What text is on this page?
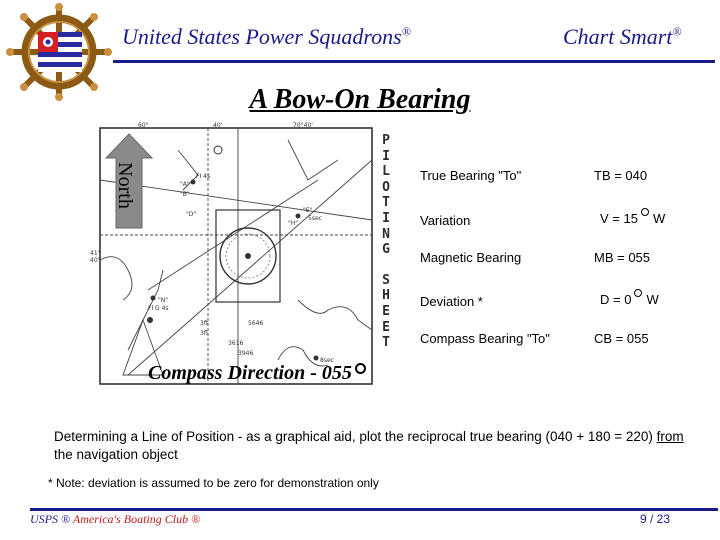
United States Power Squadrons®	Chart Smart®
A Bow-On Bearing
60°	40'	70°40'
41°
40'
"A"
"B"
"D"
"E"
"H"
"N"
FI 4s
5sec
Fl G 4s
8sec
3ft
3fl
3616
3946
5646
North
P
I
L
O
T
I
N
G
S
H
E
E
T
True Bearing "To"	TB = 040
Variation	V = 15 W
Magnetic Bearing	MB = 055
Deviation *	D = 0 W
Compass Bearing "To"	CB = 055
Compass Direction - 055
Determining a Line of Position - as a graphical aid, plot the reciprocal true bearing (040 + 180 = 220) from the navigation object
* Note: deviation is assumed to be zero for demonstration only
USPS ® America's Boating Club ®	9 / 23
